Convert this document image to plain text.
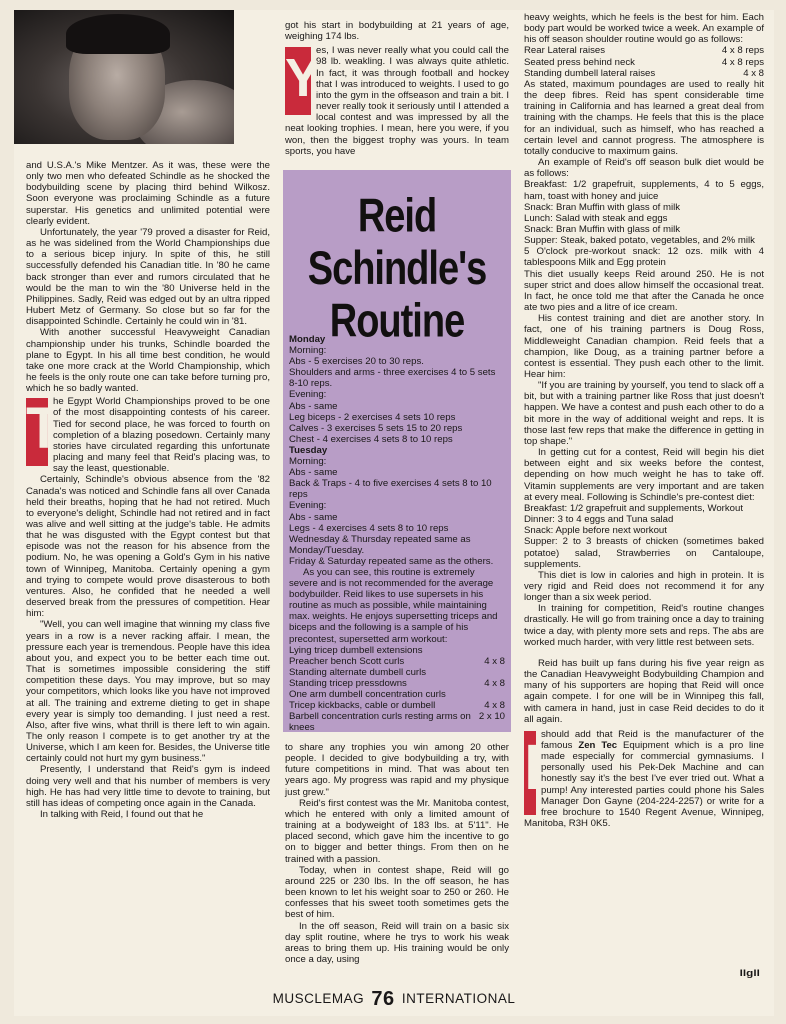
and U.S.A.'s Mike Mentzer. As it was, these were the only two men who defeated Schindle as he shocked the bodybuilding scene by placing third behind Wilkosz. Soon everyone was proclaiming Schindle as a future superstar. His genetics and unlimited potential were clearly evident.

Unfortunately, the year '79 proved a disaster for Reid, as he was sidelined from the World Championships due to a serious bicep injury. In spite of this, he still successfully defended his Canadian title. In '80 he came back stronger than ever and rumors circulated that he would be the man to win the '80 Universe held in the Philippines. Sadly, Reid was edged out by an ultra ripped Hubert Metz of Germany. So close but so far for the disappointed Schindle. Certainly he could win in '81.

With another successful Heavyweight Canadian championship under his trunks, Schindle boarded the plane to Egypt. In his all time best condition, he would take one more crack at the World Championship, which he feels is the only route one can take before turning pro, which he so badly wanted.

T
he Egypt World Championships proved to be one of the most disappointing contests of his career. Tied for second place, he was forced to fourth on completion of a blazing posedown. Certainly many stories have circulated regarding this unfortunate placing and many feel that Reid's placing was, to say the least, questionable.

Certainly, Schindle's obvious absence from the '82 Canada's was noticed and Schindle fans all over Canada held their breaths, hoping that he had not retired. Much to everyone's delight, Schindle had not retired and in fact was alive and well sitting at the judge's table. He admits that he was disgusted with the Egypt contest but that episode was not the reason for his absence from the podium. No, he was opening a Gold's Gym in his native town of Winnipeg, Manitoba. Certainly opening a gym and trying to compete would prove disasterous to both ventures. Also, he confided that he needed a well deserved break from the pressures of competition. Hear him:

"Well, you can well imagine that winning my class five years in a row is a never racking affair. I mean, the pressure each year is tremendous. People have this idea about you, and expect you to be better each time out. That is sometimes impossible considering the stiff competition these days. You may improve, but so may your competitors, which looks like you have not improved at all. The training and extreme dieting to get in shape every year is simply too demanding. I just need a rest. Also, after five wins, what thrill is there left to win again. The only reason I compete is to get another try at the Universe, which I am keen for. Besides, the Universe title certainly could not hurt my gym business."

Presently, I understand that Reid's gym is indeed doing very well and that his number of members is very high. He has had very little time to devote to training, but still has ideas of competing once again in the Canada.

In talking with Reid, I found out that he

got his start in bodybuilding at 21 years of age, weighing 174 lbs.

Y
es, I was never really what you could call the 98 lb. weakling. I was always quite athletic. In fact, it was through football and hockey that I was introduced to weights. I used to go into the gym in the offseason and train a bit. I never really took it seriously until I attended a local contest and was impressed by all the neat looking trophies. I mean, here you were, if you won, then the biggest trophy was yours. In team sports, you have

Reid Schindle's Routine

Monday

Morning:

Abs - 5 exercises 20 to 30 reps.

Shoulders and arms - three exercises 4 to 5 sets 8-10 reps.

Evening:

Abs - same

Leg biceps - 2 exercises 4 sets 10 reps

Calves - 3 exercises 5 sets 15 to 20 reps

Chest - 4 exercises 4 sets 8 to 10 reps

Tuesday

Morning:

Abs - same

Back & Traps - 4 to five exercises 4 sets 8 to 10 reps

Evening:

Abs - same

Legs - 4 exercises 4 sets 8 to 10 reps

Wednesday & Thursday repeated same as Monday/Tuesday.

Friday & Saturday repeated same as the others.

As you can see, this routine is extremely severe and is not recommended for the average bodybuilder. Reid likes to use supersets in his routine as much as possible, while maintaining max. weights. He enjoys supersetting triceps and biceps and the following is a sample of his precontest, supersetted arm workout:

Lying tricep dumbell extensions
Preacher bench Scott curls	4 x 8
Standing alternate dumbell curls
Standing tricep pressdowns	4 x 8
One arm dumbell concentration curls
Tricep kickbacks, cable or dumbell	4 x 8
Barbell concentration curls resting arms on knees
2 x 10

to share any trophies you win among 20 other people. I decided to give bodybuilding a try, with future competitions in mind. That was about ten years ago. My progress was rapid and my physique just grew."

Reid's first contest was the Mr. Manitoba contest, which he entered with only a limited amount of training at a bodyweight of 183 lbs. at 5'11". He placed second, which gave him the incentive to go on to bigger and better things. From then on he trained with a passion.

Today, when in contest shape, Reid will go around 225 or 230 lbs. In the off season, he has been known to let his weight soar to 250 or 260. He confesses that his sweet tooth sometimes gets the best of him.

In the off season, Reid will train on a basic six day split routine, where he trys to work his weak areas to bring them up. His training would be only once a day, using

heavy weights, which he feels is the best for him. Each body part would be worked twice a week. An example of his off season shoulder routine would go as follows:

Rear Lateral raises	4 x 8 reps
Seated press behind neck	4 x 8 reps
Standing dumbell lateral raises	4 x 8

As stated, maximum poundages are used to really hit the deep fibres. Reid has spent considerable time training in California and has learned a great deal from training with the champs. He feels that this is the place for an individual, such as himself, who has reached a certain level and cannot progress. The atmosphere is totally conducive to maximum gains.

An example of Reid's off season bulk diet would be as follows:

Breakfast: 1/2 grapefruit, supplements, 4 to 5 eggs, ham, toast with honey and juice

Snack: Bran Muffin with glass of milk

Lunch: Salad with steak and eggs

Snack: Bran Muffin with glass of milk

Supper: Steak, baked potato, vegetables, and 2% milk

5 O'clock pre-workout snack: 12 ozs. milk with 4 tablespoons Milk and Egg protein

This diet usually keeps Reid around 250. He is not super strict and does allow himself the occasional treat. In fact, he once told me that after the Canada he once ate two pies and a litre of ice cream.

His contest training and diet are another story. In fact, one of his training partners is Doug Ross, Middleweight Canadian champion. Reid feels that a champion, like Doug, as a training partner before a contest is essential. They push each other to the limit. Hear him:

"If you are training by yourself, you tend to slack off a bit, but with a training partner like Ross that just doesn't happen. We have a contest and push each other to do a bit more in the way of additional weight and reps. It is those last few reps that make the difference in getting in top shape."

In getting cut for a contest, Reid will begin his diet between eight and six weeks before the contest, depending on how much weight he has to take off. Vitamin supplements are very important and are taken at every meal. Following is Schindle's pre-contest diet:

Breakfast: 1/2 grapefruit and supplements, Workout

Dinner: 3 to 4 eggs and Tuna salad

Snack: Apple before next workout

Supper: 2 to 3 breasts of chicken (sometimes baked potatoe) salad, Strawberries on Cantaloupe, supplements.

This diet is low in calories and high in protein. It is very rigid and Reid does not recommend it for any longer than a six week period.

In training for competition, Reid's routine changes drastically. He will go from training once a day to training twice a day, with plenty more sets and reps. The abs are worked much harder, with very little rest between sets.

Reid has built up fans during his five year reign as the Canadian Heavyweight Bodybuilding Champion and many of his supporters are hoping that Reid will once again compete. I for one will be in Winnipeg this fall, with camera in hand, just in case Reid decides to do it all again.

I should add that Reid is the manufacturer of the famous Zen Tec Equipment which is a pro line made especially for commercial gymnasiums. I personally used his Pek-Dek Machine and can honestly say it's the best I've ever tried out. What a pump! Any interested parties could phone his Sales Manager Don Gayne (204-224-2257) or write for a free brochure to 1540 Regent Avenue, Winnipeg, Manitoba, R3H 0K5.

llgll
MUSCLEMAG 76 INTERNATIONAL
